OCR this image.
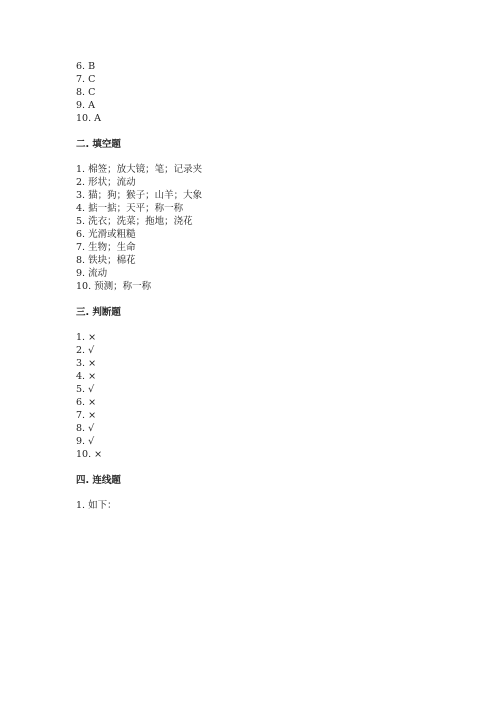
6. B
7. C
8. C
9. A
10. A
二. 填空题
1. 棉签；放大镜；笔；记录夹
2. 形状；流动
3. 猫；狗；猴子；山羊；大象
4. 掂一掂；天平；称一称
5. 洗衣；洗菜；拖地；浇花
6. 光滑或粗糙
7. 生物；生命
8. 铁块；棉花
9. 流动
10. 预测；称一称
三. 判断题
1. ×
2. √
3. ×
4. ×
5. √
6. ×
7. ×
8. √
9. √
10. ×
四. 连线题
1. 如下：
